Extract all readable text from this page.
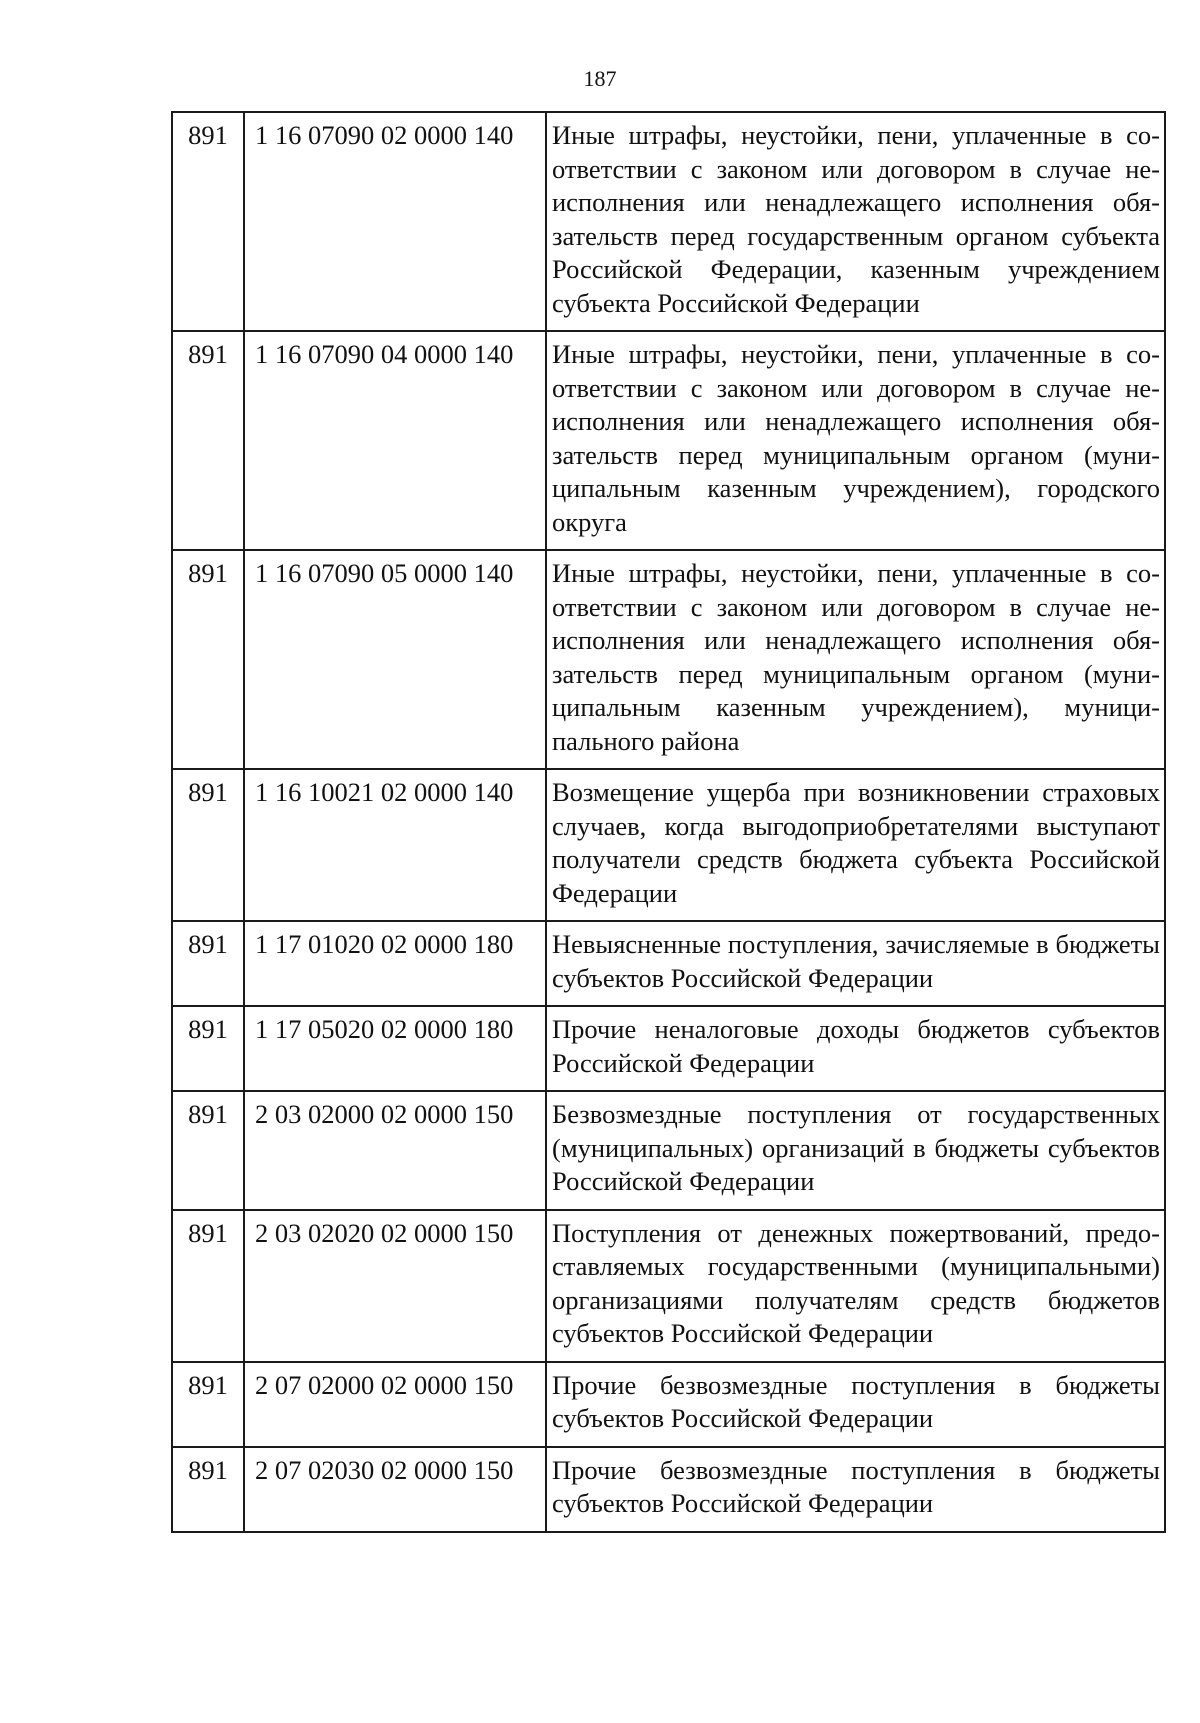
187
891	1 16 07090 02 0000 140	Иные штрафы, неустойки, пени, уплаченные в соответствии с законом или договором в случае неисполнения или ненадлежащего исполнения обязательств перед государственным органом субъекта Российской Федерации, казенным учреждением субъекта Российской Федерации
891	1 16 07090 04 0000 140	Иные штрафы, неустойки, пени, уплаченные в соответствии с законом или договором в случае неисполнения или ненадлежащего исполнения обязательств перед муниципальным органом (муниципальным казенным учреждением), городского округа
891	1 16 07090 05 0000 140	Иные штрафы, неустойки, пени, уплаченные в соответствии с законом или договором в случае неисполнения или ненадлежащего исполнения обязательств перед муниципальным органом (муниципальным казенным учреждением), муниципального района
891	1 16 10021 02 0000 140	Возмещение ущерба при возникновении страховых случаев, когда выгодоприобретателями выступают получатели средств бюджета субъекта Российской Федерации
891	1 17 01020 02 0000 180	Невыясненные поступления, зачисляемые в бюджеты субъектов Российской Федерации
891	1 17 05020 02 0000 180	Прочие неналоговые доходы бюджетов субъектов Российской Федерации
891	2 03 02000 02 0000 150	Безвозмездные поступления от государственных (муниципальных) организаций в бюджеты субъектов Российской Федерации
891	2 03 02020 02 0000 150	Поступления от денежных пожертвований, предоставляемых государственными (муниципальными) организациями получателям средств бюджетов субъектов Российской Федерации
891	2 07 02000 02 0000 150	Прочие безвозмездные поступления в бюджеты субъектов Российской Федерации
891	2 07 02030 02 0000 150	Прочие безвозмездные поступления в бюджеты субъектов Российской Федерации
